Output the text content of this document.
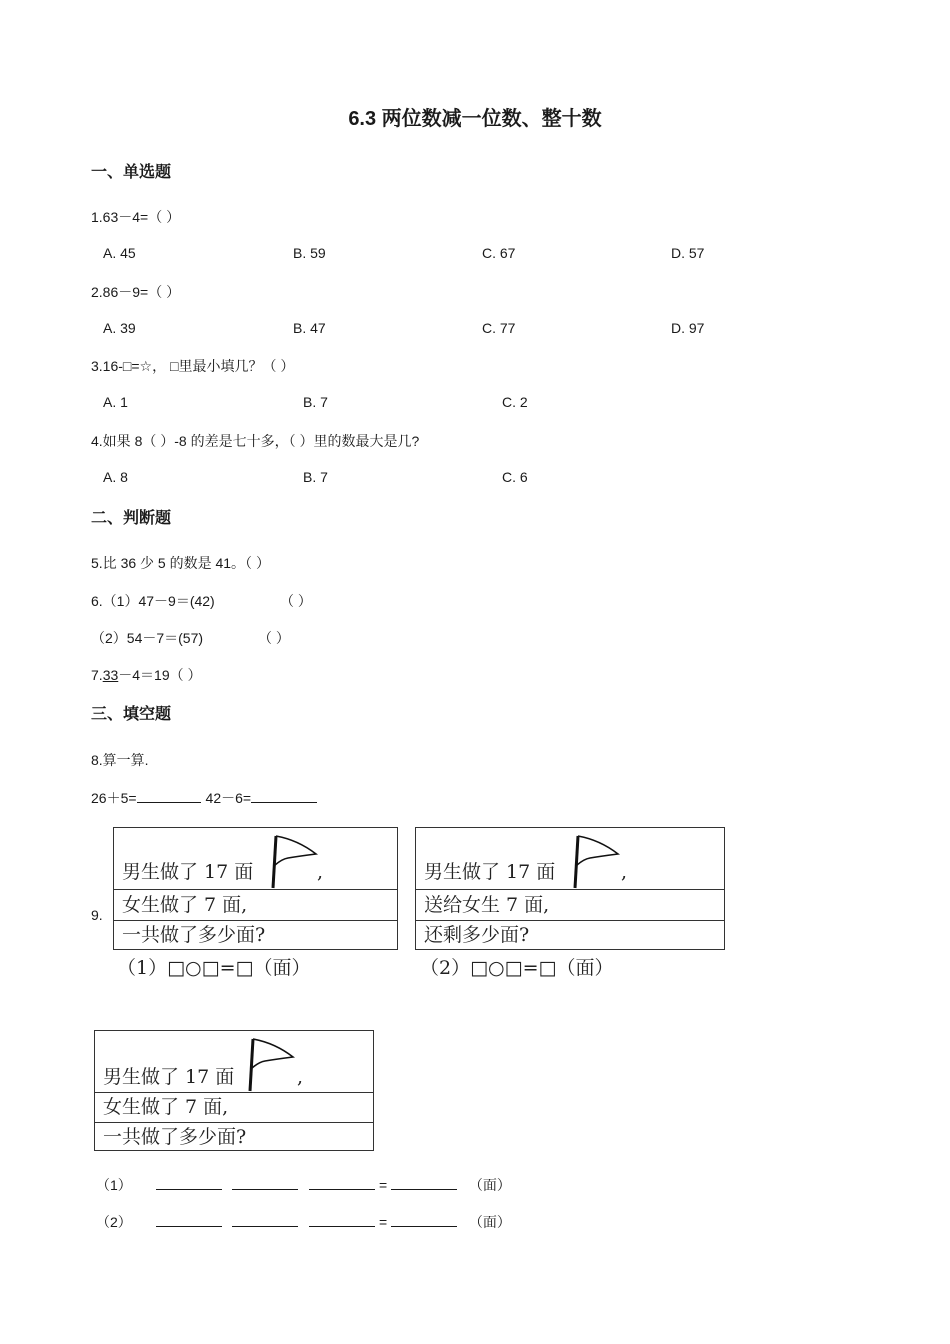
6.3 两位数减一位数、整十数
一、单选题
1.63－4=（ ）
A. 45	B. 59	C. 67	D. 57
2.86－9=（ ）
A. 39	B. 47	C. 77	D. 97
3.16-□=☆， □里最小填几？（ ）
A. 1	B. 7	C. 2
4.如果 8（ ）-8 的差是七十多，（ ）里的数最大是几?
A. 8	B. 7	C. 6
二、判断题
5.比 36 少 5 的数是 41。（ ）
6.（1）47－9＝(42)	（ ）
（2）54－7＝(57)	（ ）
7.33－4＝19（ ）
三、填空题
8.算一算.
26＋5=	42－6=
9.
男生做了 17 面	,
女生做了 7 面,
一共做了多少面?
（1）□○□=□（面）
男生做了 17 面	,
送给女生 7 面,
还剩多少面?
（2）□○□=□（面）
男生做了 17 面	,
女生做了 7 面,
一共做了多少面?
（1）	=	（面）
（2）	=	（面）
